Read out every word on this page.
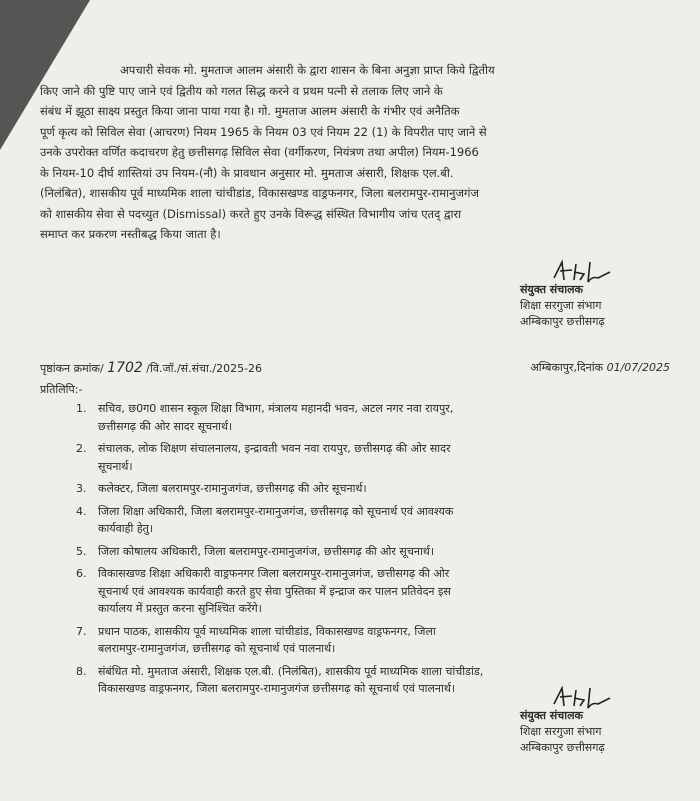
अपचारी सेवक मो. मुमताज आलम अंसारी के द्वारा शासन के बिना अनुज्ञा प्राप्त किये द्वितीय
किए जाने की पुष्टि पाए जाने एवं द्वितीय को गलत सिद्ध करने व प्रथम पत्नी से तलाक लिए जाने के
संबंध में झूठा साक्ष्य प्रस्तुत किया जाना पाया गया है। गो. मुमताज आलम अंसारी के गंभीर एवं अनैतिक
पूर्ण कृत्य को सिविल सेवा (आचरण) नियम 1965 के नियम 03 एवं नियम 22 (1) के विपरीत पाए जाने से
उनके उपरोक्त वर्णित कदाचरण हेतु छत्तीसगढ़ सिविल सेवा (वर्गीकरण, नियंत्रण तथा अपील) नियम-1966
के नियम-10 दीर्घ शास्तियां उप नियम-(नौ) के प्रावधान अनुसार मो. मुमताज अंसारी, शिक्षक एल.बी.
(निलंबित), शासकीय पूर्व माध्यमिक शाला चांचीडांड, विकासखण्ड वाड्रफनगर, जिला बलरामपुर-रामानुजगंज
को शासकीय सेवा से पदच्युत (Dismissal) करते हुए उनके विरूद्ध संस्थित विभागीय जांच एतद् द्वारा
समाप्त कर प्रकरण नस्तीबद्ध किया जाता है।

संयुक्त संचालक
शिक्षा सरगुजा संभाग
अम्बिकापुर छत्तीसगढ़
पृष्ठांकन क्रमांक/ 1702 /वि.जॉ./सं.संचा./2025-26	अम्बिकापुर,दिनांक 01/07/2025
प्रतिलिपि:-
1.	सचिव, छ0ग0 शासन स्कूल शिक्षा विभाग, मंत्रालय महानदी भवन, अटल नगर नवा रायपुर,
छत्तीसगढ़ की ओर सादर सूचनार्थ।
2.	संचालक, लोक शिक्षण संचालनालय, इन्द्रावती भवन नवा रायपुर, छत्तीसगढ़ की ओर सादर
सूचनार्थ।
3.	कलेक्टर, जिला बलरामपुर-रामानुजगंज, छत्तीसगढ़ की ओर सूचनार्थ।
4.	जिला शिक्षा अधिकारी, जिला बलरामपुर-रामानुजगंज, छत्तीसगढ़ को सूचनार्थ एवं आवश्यक
कार्यवाही हेतु।
5.	जिला कोषालय अधिकारी, जिला बलरामपुर-रामानुजगंज, छत्तीसगढ़ की ओर सूचनार्थ।
6.	विकासखण्ड शिक्षा अधिकारी वाड्रफनगर जिला बलरामपुर-रामानुजगंज, छत्तीसगढ़ की ओर
सूचनार्थ एवं आवश्यक कार्यवाही करते हुए सेवा पुस्तिका में इन्द्राज कर पालन प्रतिवेदन इस
कार्यालय में प्रस्तुत करना सुनिश्चित करेंगे।
7.	प्रधान पाठक, शासकीय पूर्व माध्यमिक शाला चांचीडांड, विकासखण्ड वाड्रफनगर, जिला
बलरामपुर-रामानुजगंज, छत्तीसगढ़ को सूचनार्थ एवं पालनार्थ।
8.	संबंधित मो. मुमताज अंसारी, शिक्षक एल.बी. (निलंबित), शासकीय पूर्व माध्यमिक शाला चांचीडांड,
विकासखण्ड वाड्रफनगर, जिला बलरामपुर-रामानुजगंज छत्तीसगढ़ को सूचनार्थ एवं पालनार्थ।
संयुक्त संचालक
शिक्षा सरगुजा संभाग
अम्बिकापुर छत्तीसगढ़
